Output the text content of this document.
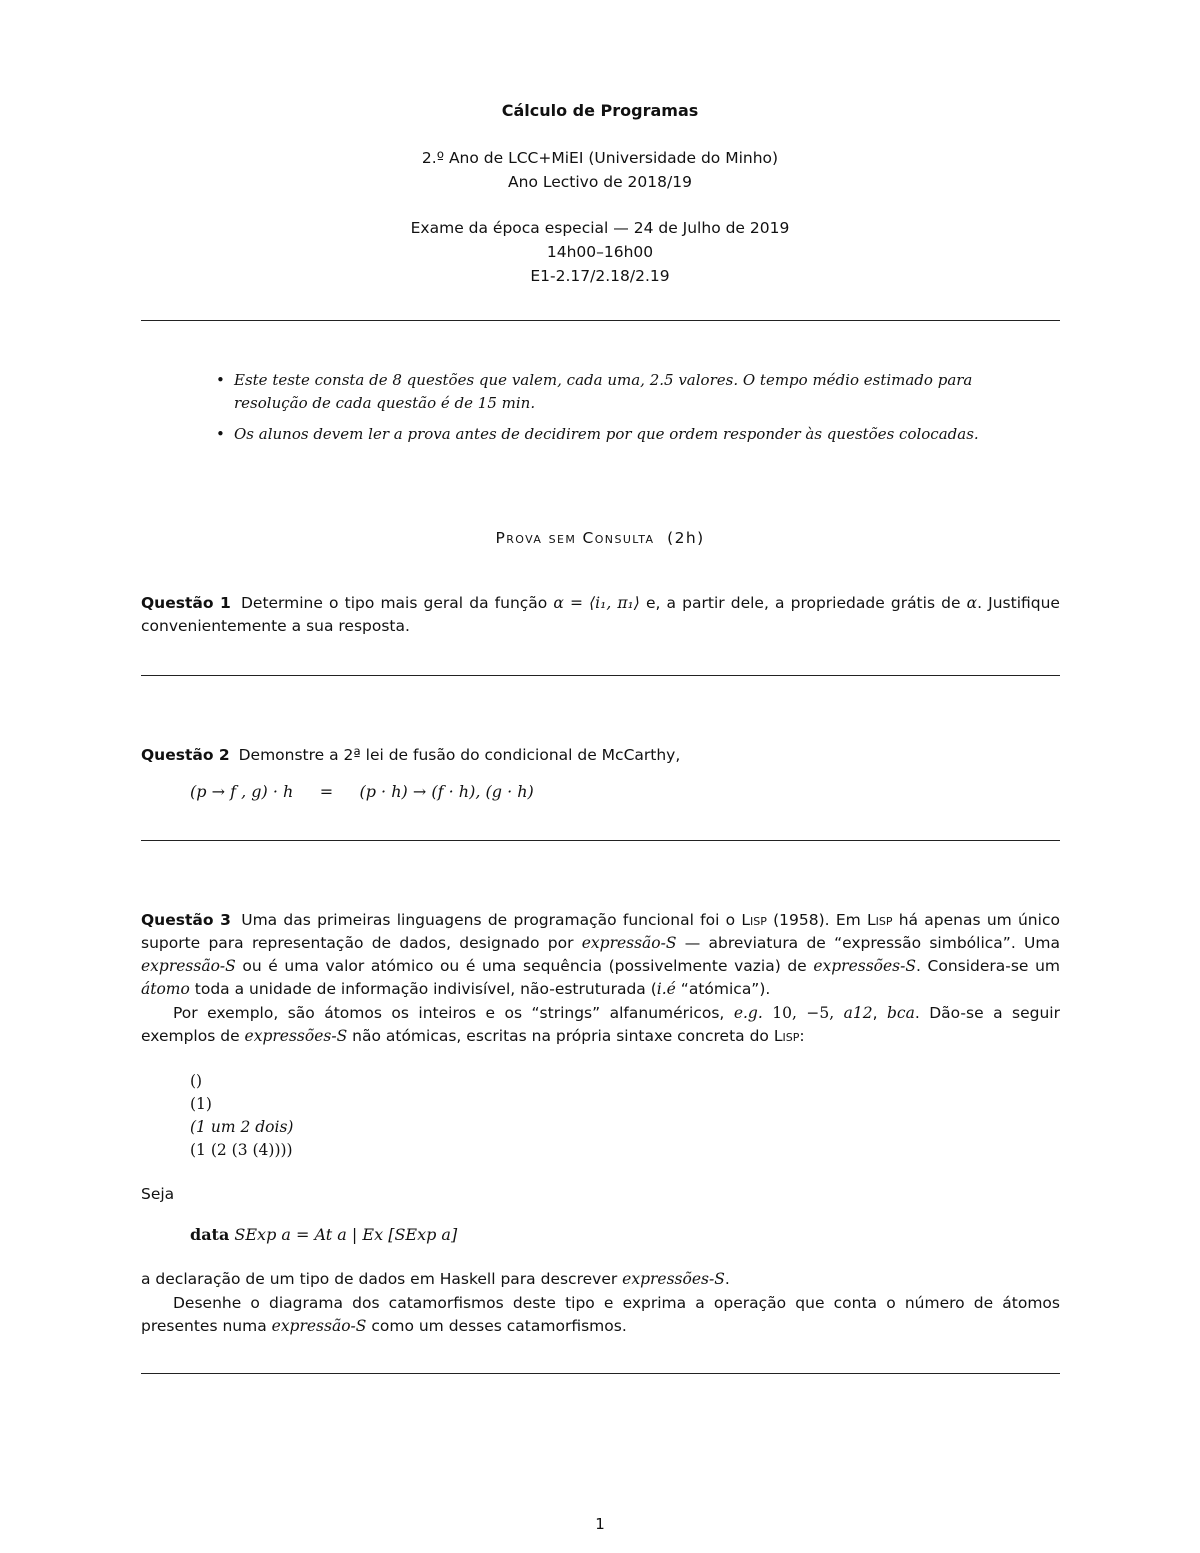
Cálculo de Programas
2.º Ano de LCC+MiEI (Universidade do Minho)
Ano Lectivo de 2018/19
Exame da época especial — 24 de Julho de 2019
14h00–16h00
E1-2.17/2.18/2.19
• Este teste consta de 8 questões que valem, cada uma, 2.5 valores. O tempo médio estimado para resolução de cada questão é de 15 min.
• Os alunos devem ler a prova antes de decidirem por que ordem responder às questões colocadas.
Prova sem Consulta (2h)
Questão 1 Determine o tipo mais geral da função α = ⟨i₁, π₁⟩ e, a partir dele, a propriedade grátis de α. Justifique convenientemente a sua resposta.
Questão 2 Demonstre a 2ª lei de fusão do condicional de McCarthy,
(p → f , g) · h = (p · h) → (f · h), (g · h)
Questão 3 Uma das primeiras linguagens de programação funcional foi o Lisp (1958). Em Lisp há apenas um único suporte para representação de dados, designado por expressão-S — abreviatura de “expressão simbólica”. Uma expressão-S ou é uma valor atómico ou é uma sequência (possivelmente vazia) de expressões-S. Considera-se um átomo toda a unidade de informação indivisível, não-estruturada (i.é “atómica”).
Por exemplo, são átomos os inteiros e os “strings” alfanuméricos, e.g. 10, −5, a12, bca. Dão-se a seguir exemplos de expressões-S não atómicas, escritas na própria sintaxe concreta do Lisp:
()
(1)
(1 um 2 dois)
(1 (2 (3 (4))))
Seja
data SExp a = At a | Ex [SExp a]
a declaração de um tipo de dados em Haskell para descrever expressões-S.
Desenhe o diagrama dos catamorfismos deste tipo e exprima a operação que conta o número de átomos presentes numa expressão-S como um desses catamorfismos.
1
